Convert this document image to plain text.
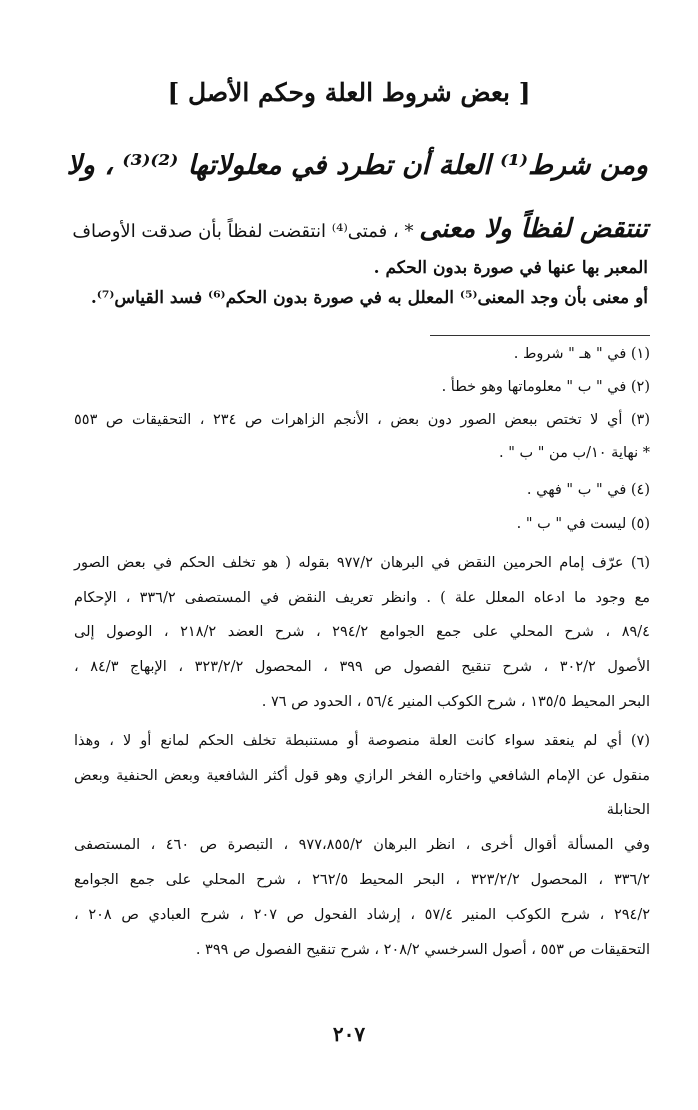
[ بعض شروط العلة وحكم الأصل ]
ومن شرط⁽¹⁾ العلة أن تطرد في معلولاتها ⁽²⁾⁽³⁾ ، ولا
تنتقض لفظاً ولا معنى * ، فمتى⁽⁴⁾ انتقضت لفظاً بأن صدقت الأوصاف
المعبر بها عنها في صورة بدون الحكم .
أو معنى بأن وجد المعنى⁽⁵⁾ المعلل به في صورة بدون الحكم⁽⁶⁾ فسد القياس⁽⁷⁾.
(١) في " هـ " شروط .
(٢) في " ب " معلوماتها وهو خطأ .
(٣) أي لا تختص ببعض الصور دون بعض ، الأنجم الزاهرات ص ٢٣٤ ، التحقيقات ص ٥٥٣
* نهاية ١٠/ب من " ب " .
(٤) في " ب " فهي .
(٥) ليست في " ب " .
(٦) عرّف إمام الحرمين النقض في البرهان ٩٧٧/٢ بقوله ( هو تخلف الحكم في بعض الصور
مع وجود ما ادعاه المعلل علة ) . وانظر تعريف النقض في المستصفى ٣٣٦/٢ ، الإحكام
٨٩/٤ ، شرح المحلي على جمع الجوامع ٢٩٤/٢ ، شرح العضد ٢١٨/٢ ، الوصول إلى
الأصول ٣٠٢/٢ ، شرح تنقيح الفصول ص ٣٩٩ ، المحصول ٣٢٣/٢/٢ ، الإبهاج ٨٤/٣ ،
البحر المحيط ١٣٥/٥ ، شرح الكوكب المنير ٥٦/٤ ، الحدود ص ٧٦ .
(٧) أي لم ينعقد سواء كانت العلة منصوصة أو مستنبطة تخلف الحكم لمانع أو لا ، وهذا
منقول عن الإمام الشافعي واختاره الفخر الرازي وهو قول أكثر الشافعية وبعض الحنفية وبعض
الحنابلة
وفي المسألة أقوال أخرى ، انظر البرهان ٩٧٧،٨٥٥/٢ ، التبصرة ص ٤٦٠ ، المستصفى
٣٣٦/٢ ، المحصول ٣٢٣/٢/٢ ، البحر المحيط ٢٦٢/٥ ، شرح المحلي على جمع الجوامع
٢٩٤/٢ ، شرح الكوكب المنير ٥٧/٤ ، إرشاد الفحول ص ٢٠٧ ، شرح العبادي ص ٢٠٨ ،
التحقيقات ص ٥٥٣ ، أصول السرخسي ٢٠٨/٢ ، شرح تنقيح الفصول ص ٣٩٩ .
٢٠٧
